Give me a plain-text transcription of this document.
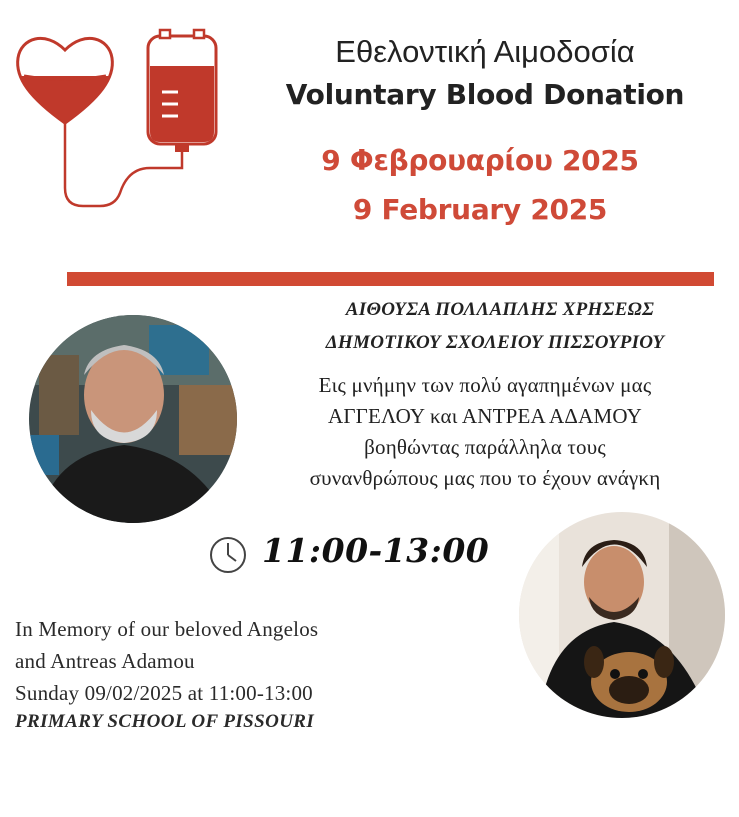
Εθελοντική Αιμοδοσία
Voluntary Blood Donation
9 Φεβρουαρίου 2025
9 February 2025
ΑΙΘΟΥΣΑ ΠΟΛΛΑΠΛΗΣ ΧΡΗΣΕΩΣ
ΔΗΜΟΤΙΚΟΥ ΣΧΟΛΕΙΟΥ ΠΙΣΣΟΥΡΙΟΥ
Εις μνήμην των πολύ αγαπημένων μας
ΑΓΓΕΛΟΥ και ΑΝΤΡΕΑ ΑΔΑΜΟΥ
βοηθώντας παράλληλα τους
συνανθρώπους μας που το έχουν ανάγκη
11:00-13:00
In Memory of our beloved Angelos
and Antreas Adamou
Sunday 09/02/2025 at 11:00-13:00
PRIMARY SCHOOL OF PISSOURI
